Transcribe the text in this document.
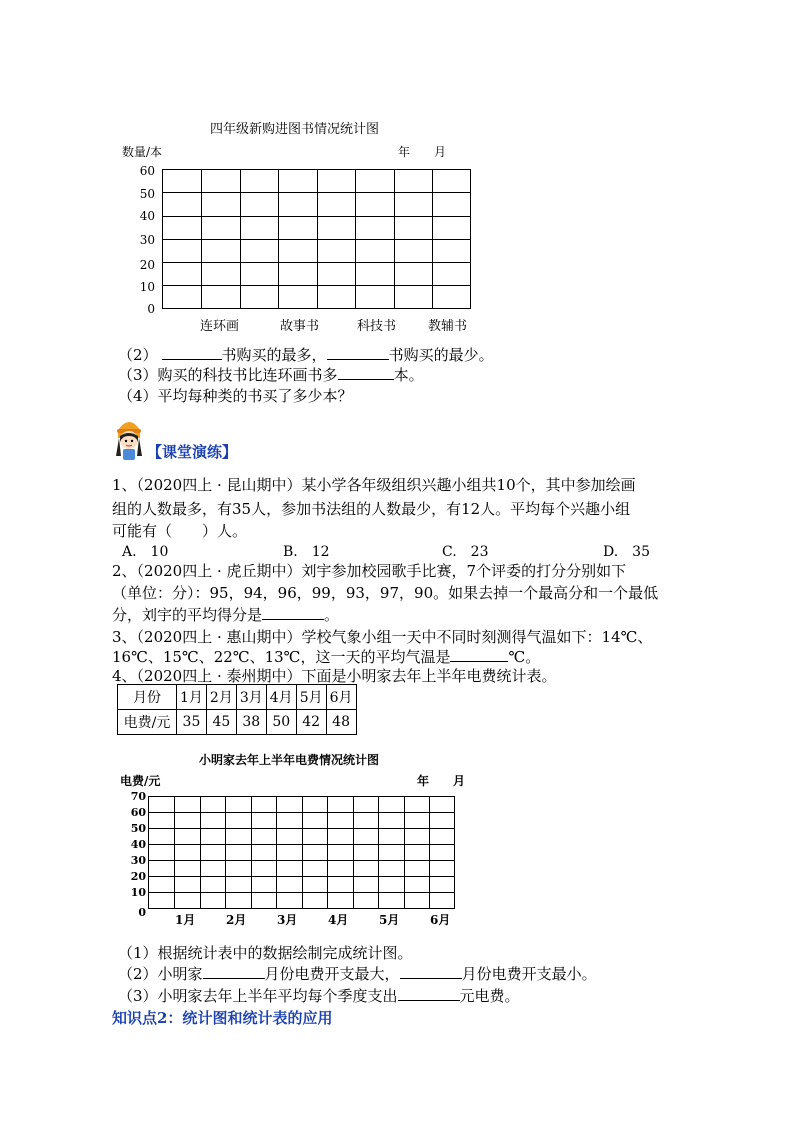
四年级新购进图书情况统计图
数量/本	年　　月
60
50
40
30
20
10
0
连环画	故事书	科技书 教辅书
（2）	书购买的最多，	书购买的最少。
（3）购买的科技书比连环画书多	本。
（4）平均每种类的书买了多少本？
【课堂演练】
1、（2020四上 · 昆山期中）某小学各年级组织兴趣小组共10个，其中参加绘画
组的人数最多，有35人，参加书法组的人数最少，有12人。平均每个兴趣小组
可能有（　　）人。
A.　10	B.　12	C.　23	D.　35
2、（2020四上 · 虎丘期中）刘宇参加校园歌手比赛，7个评委的打分分别如下
（单位：分）：95，94，96，99，93，97，90。如果去掉一个最高分和一个最低
分，刘宇的平均得分是	。
3、（2020四上 · 惠山期中）学校气象小组一天中不同时刻测得气温如下：14℃、
16℃、15℃、22℃、13℃，这一天的平均气温是	℃。
4、（2020四上 · 泰州期中）下面是小明家去年上半年电费统计表。
月份	1月	2月	3月	4月	5月	6月
电费/元	35	45	38	50	42	48
小明家去年上半年电费情况统计图
电费/元	年　　月
70
60
50
40
30
20
10
0
1月	2月	3月	4月	5月	6月
（1）根据统计表中的数据绘制完成统计图。
（2）小明家	月份电费开支最大，	月份电费开支最小。
（3）小明家去年上半年平均每个季度支出	元电费。
知识点2：统计图和统计表的应用
